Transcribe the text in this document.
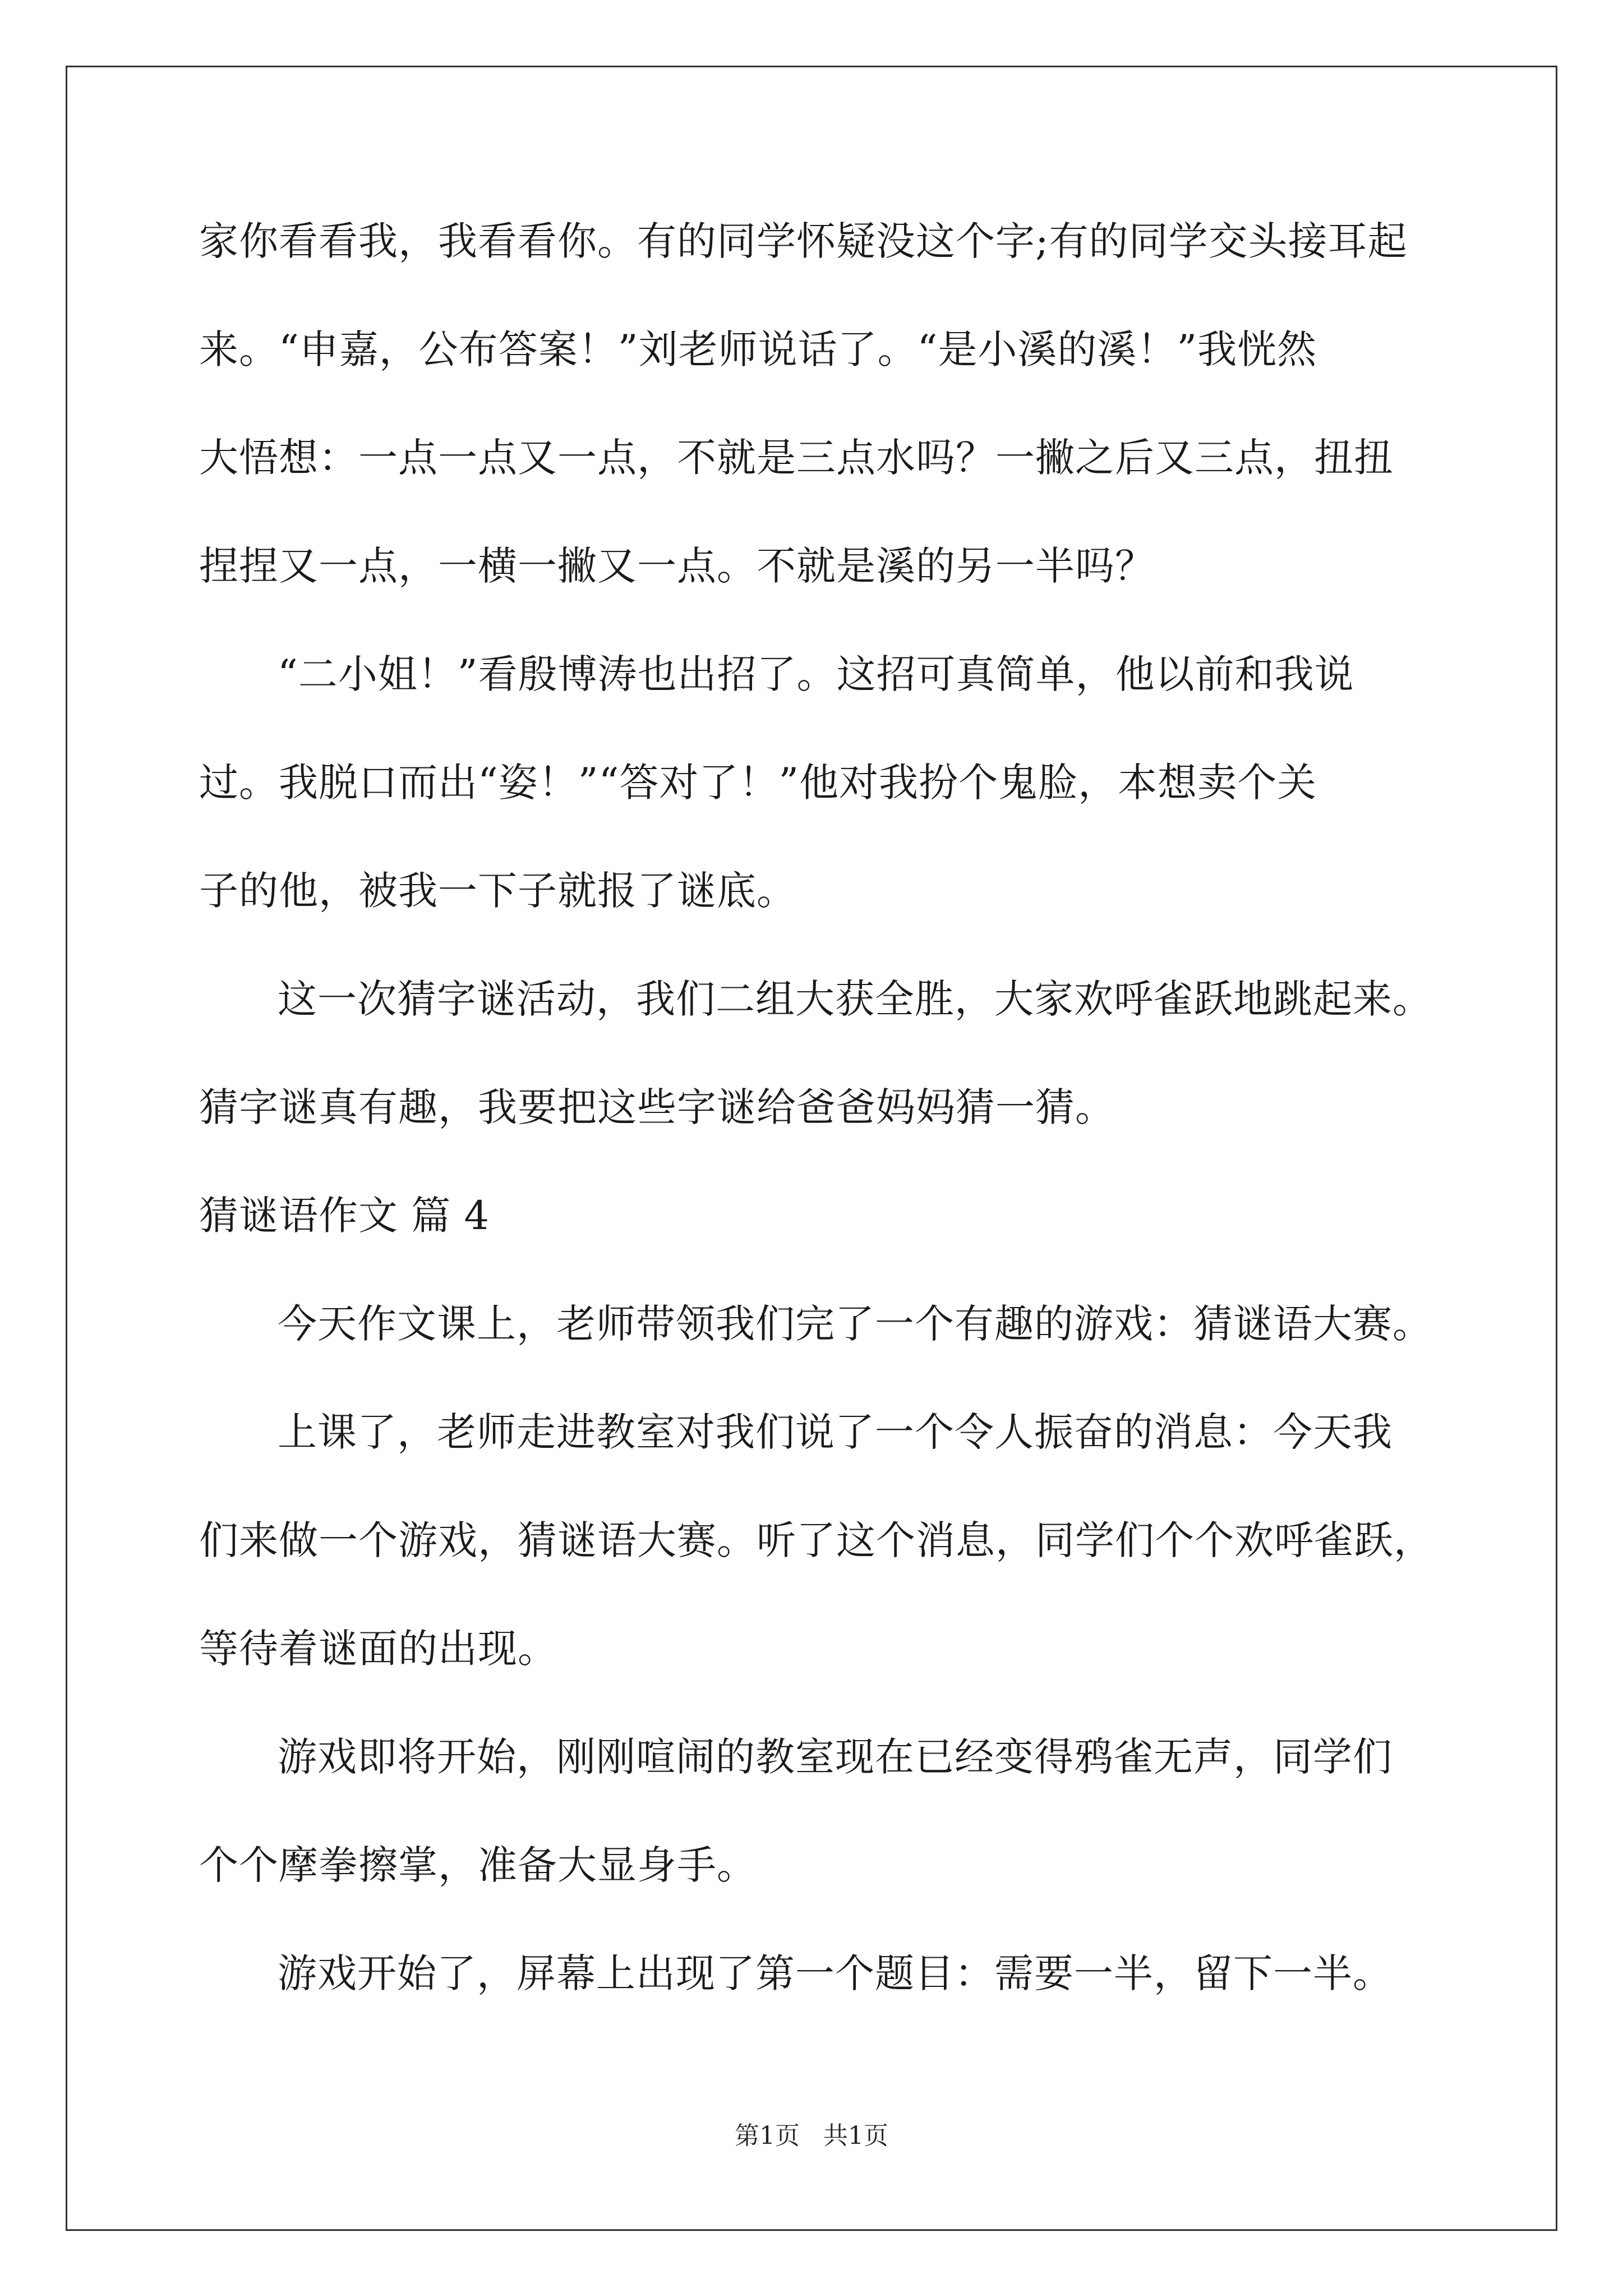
家你看看我，我看看你。有的同学怀疑没这个字;有的同学交头接耳起
来。“申嘉，公布答案！”刘老师说话了。“是小溪的溪！”我恍然
大悟想：一点一点又一点，不就是三点水吗？一撇之后又三点，扭扭
捏捏又一点，一横一撇又一点。不就是溪的另一半吗？
“二小姐！”看殷博涛也出招了。这招可真简单，他以前和我说
过。我脱口而出“姿！”“答对了！”他对我扮个鬼脸，本想卖个关
子的他，被我一下子就报了谜底。
这一次猜字谜活动，我们二组大获全胜，大家欢呼雀跃地跳起来。
猜字谜真有趣，我要把这些字谜给爸爸妈妈猜一猜。
猜谜语作文 篇 4
今天作文课上，老师带领我们完了一个有趣的游戏：猜谜语大赛。
上课了，老师走进教室对我们说了一个令人振奋的消息：今天我
们来做一个游戏，猜谜语大赛。听了这个消息，同学们个个欢呼雀跃，
等待着谜面的出现。
游戏即将开始，刚刚喧闹的教室现在已经变得鸦雀无声，同学们
个个摩拳擦掌，准备大显身手。
游戏开始了，屏幕上出现了第一个题目：需要一半，留下一半。
第1页 共1页
